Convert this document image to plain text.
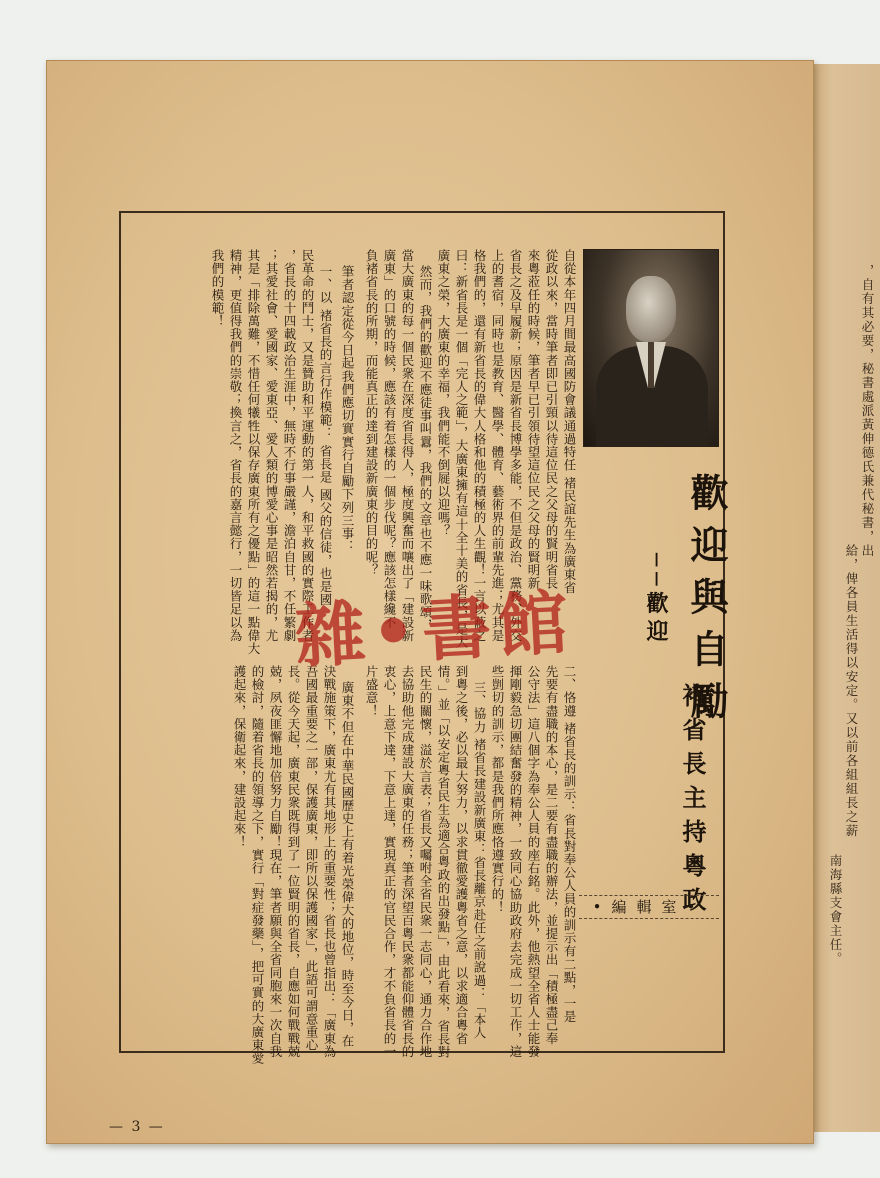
，自有其必要，秘書處派黃伸德氏兼代秘書，出
給，俾各員生活得以安定。又以前各組組長之薪
南海縣支會主任。
歡迎與自勵
──歡迎
褚省長主持粵政
•編輯室•
自從本年四月間最高國防會議通過特任 褚民誼先生為廣東省
從政以來，當時筆者即已引頸以待這位民之父母的賢明省長
來粵蒞任的時候，筆者早已引領待望這位民之父母的賢明新
省長之及早履新；原因是新省長博學多能，不但是政治、黨務、外交
上的耆宿，同時也是教育、醫學、體育、藝術界的前輩先進；尤其是
格我們的，還有新省長的偉大人格和他的積極的人生觀！一言以蔽之
曰：新省長是一個「完人之範」，大廣東擁有這十全十美的省長，是大
廣東之榮，大廣東的幸福，我們能不倒屣以迎嗎？
然而，我們的歡迎不應徒事叫囂，我們的文章也不應一味歌頌，
當大廣東的每一個民衆在深度省長得人，極度興奮而嚷出了「建設新
廣東」的口號的時候，應該有着怎樣的一個步伐呢？應該怎樣纔不
負褚省長的所期，而能真正的達到建設新廣東的目的呢？
筆者認定從今日起我們應切實實行自勵下列三事：
一、以 褚省長的言行作模範： 省長是 國父的信徒，也是國
民革命的鬥士，又是贊助和平運動的第一人，和平救國的實際工作者
，省長的十四載政治生涯中，無時不行事嚴謹，澹泊自甘，不任繁劇
；其愛社會、愛國家、愛東亞、愛人類的博愛心事是昭然若揭的，尤
其是「排除萬難，不惜任何犧牲以保存廣東所有之優點」的這一點偉大
精神，更值得我們的崇敬；換言之，省長的嘉言懿行，一切皆足以為
我們的模範！
二、恪遵 褚省長的訓示：省長對奉公人員的訓示有二點，一是
先要有盡職的本心，是二要有盡職的辦法，並提示出「積極盡己奉
公守法」這八個字為奉公人員的座右銘。此外，他熱望全省人士能發
揮剛毅急切團結奮發的精神，一致同心協助政府去完成一切工作，這
些剴切的訓示，都是我們所應恪遵實行的！
三、協力 褚省長建設新廣東：省長離京赴任之前說過：「本人
到粵之後，必以最大努力，以求貫徹愛護粵省之意，以求適合粵省
情。」並「以安定粵省民生為適合粵政的出發點」，由此看來，省長對
民生的關懷，溢於言表；省長又囑咐全省民衆一志同心，通力合作地
去協助他完成建設大廣東的任務；筆者深望百粵民衆都能仰體省長的
衷心，上意下達，下意上達，實現真正的官民合作，才不負省長的一
片盛意！
廣東不但在中華民國歷史上有着光榮偉大的地位，時至今日，在
決戰施策下，廣東尤有其地形上的重要性；省長也曾指出：「廣東為
吾國最重要之一部，保護廣東，即所以保護國家」，此語可謂意重心
長。從今天起，廣東民衆既得到了一位賢明的省長，自應如何戰戰兢
兢，夙夜匪懈地加倍努力自勵！現在，筆者願與全省同胞來一次自我
的檢討，隨着省長的領導之下，實行「對症發藥」，把可實的大廣東愛
護起來，保衛起來，建設起來！
雜•書館
— 3 —
